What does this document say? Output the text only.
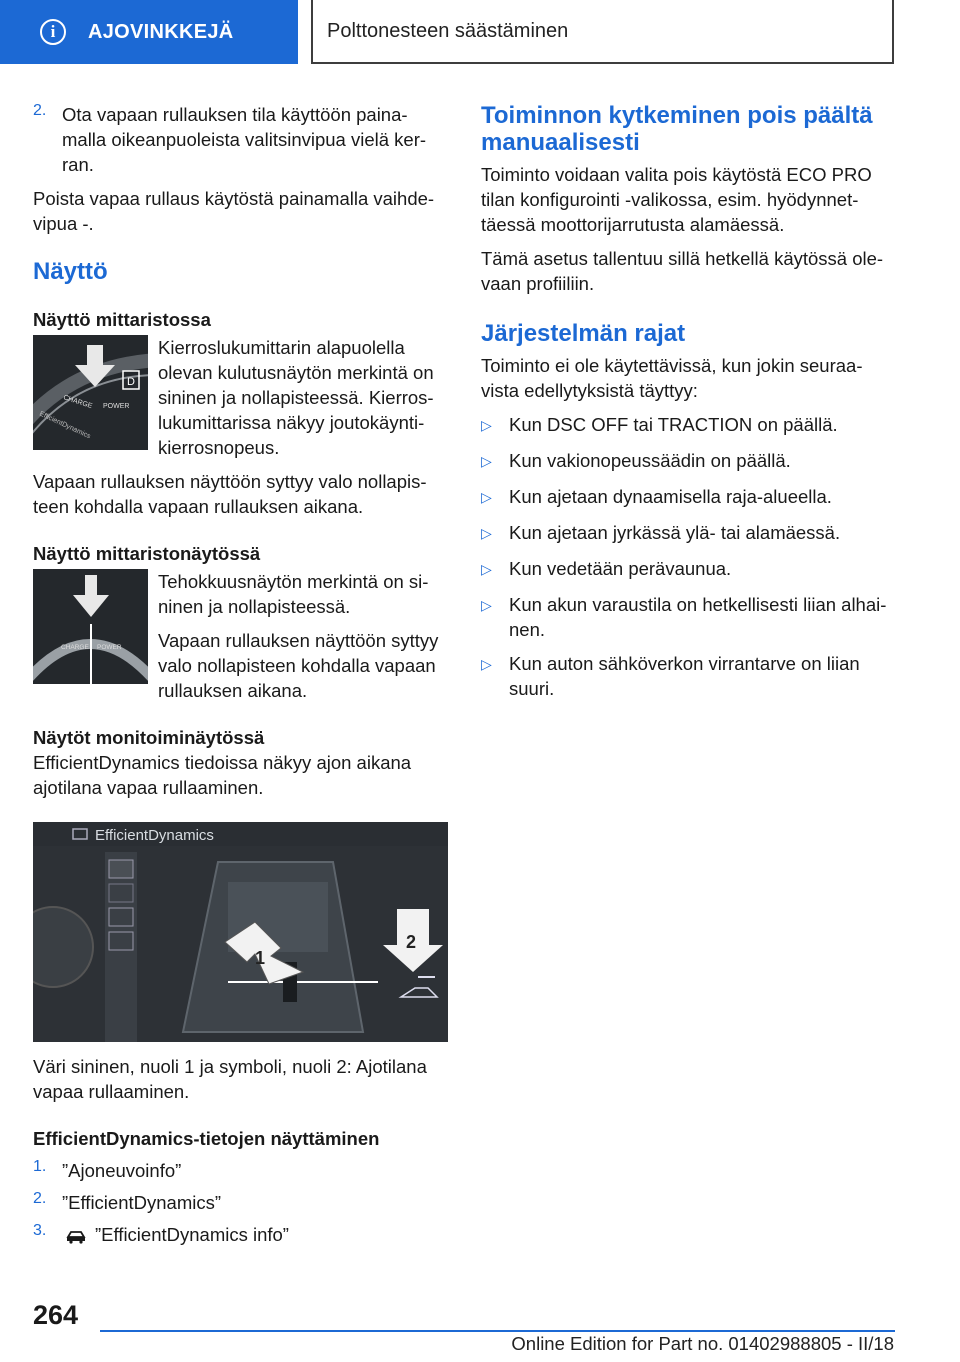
i	AJOVINKKEJÄ	Polttonesteen säästäminen
2. Ota vapaan rullauksen tila käyttöön paina-malla oikeanpuoleista valitsinvipua vielä ker-ran.

Poista vapaa rullaus käytöstä painamalla vaihde-vipua -.

Näyttö
Näyttö mittaristossa
D
POWER
CHARGE
EfficientDynamics

Kierroslukumittarin alapuolella olevan kulutusnäytön merkintä on sininen ja nollapisteessä. Kierros-lukumittarissa näkyy joutokäynti-kierrosnopeus.

Vapaan rullauksen näyttöön syttyy valo nollapis-teen kohdalla vapaan rullauksen aikana.

Näyttö mittaristonäytössä
CHARGE POWER

Tehokkuusnäytön merkintä on si-ninen ja nollapisteessä.

Vapaan rullauksen näyttöön syttyy valo nollapisteen kohdalla vapaan rullauksen aikana.

Näytöt monitoiminäytössä

EfficientDynamics tiedoissa näkyy ajon aikana ajotilana vapaa rullaaminen.

EfficientDynamics
1
2

Väri sininen, nuoli 1 ja symboli, nuoli 2: Ajotilana vapaa rullaaminen.

EfficientDynamics-tietojen näyttäminen
1. ”Ajoneuvoinfo”

2. ”EfficientDynamics”

3.	”EfficientDynamics info”

Toiminnon kytkeminen pois päältä manuaalisesti

Toiminto voidaan valita pois käytöstä ECO PRO tilan konfigurointi -valikossa, esim. hyödynnet-täessä moottorijarrutusta alamäessä.

Tämä asetus tallentuu sillä hetkellä käytössä ole-vaan profiiliin.

Järjestelmän rajat

Toiminto ei ole käytettävissä, kun jokin seuraa-vista edellytyksistä täyttyy:

▷ Kun DSC OFF tai TRACTION on päällä.

▷ Kun vakionopeussäädin on päällä.

▷ Kun ajetaan dynaamisella raja-alueella.

▷ Kun ajetaan jyrkässä ylä- tai alamäessä.

▷ Kun vedetään perävaunua.

▷ Kun akun varaustila on hetkellisesti liian alhai-nen.

▷ Kun auton sähköverkon virrantarve on liian suuri.

264
Online Edition for Part no. 01402988805 - II/18
